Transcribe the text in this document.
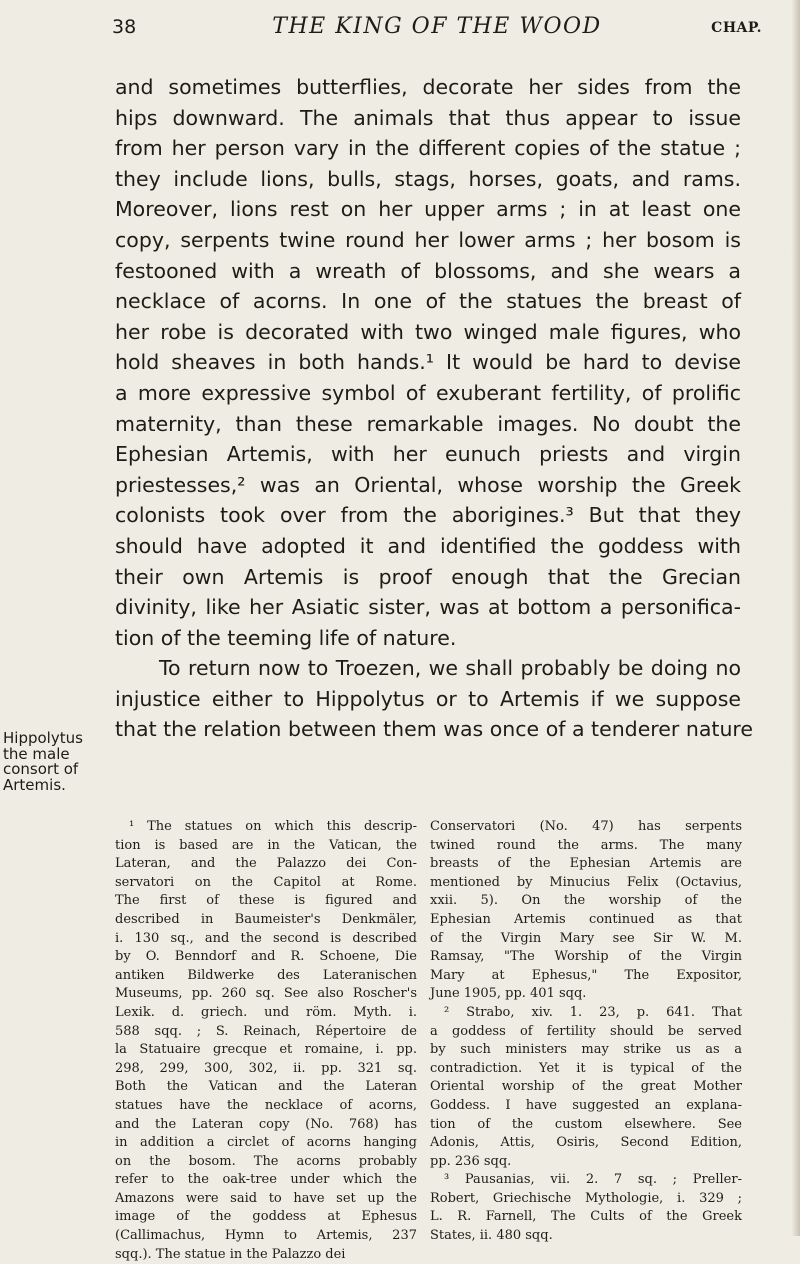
38	THE KING OF THE WOOD	CHAP.
and sometimes butterflies, decorate her sides from the
hips downward. The animals that thus appear to issue
from her person vary in the different copies of the statue ;
they include lions, bulls, stags, horses, goats, and rams.
Moreover, lions rest on her upper arms ; in at least one
copy, serpents twine round her lower arms ; her bosom is
festooned with a wreath of blossoms, and she wears a
necklace of acorns. In one of the statues the breast of
her robe is decorated with two winged male figures, who
hold sheaves in both hands.¹ It would be hard to devise
a more expressive symbol of exuberant fertility, of prolific
maternity, than these remarkable images. No doubt the
Ephesian Artemis, with her eunuch priests and virgin
priestesses,² was an Oriental, whose worship the Greek
colonists took over from the aborigines.³ But that they
should have adopted it and identified the goddess with
their own Artemis is proof enough that the Grecian
divinity, like her Asiatic sister, was at bottom a personifica-
tion of the teeming life of nature.
To return now to Troezen, we shall probably be doing no
injustice either to Hippolytus or to Artemis if we suppose
that the relation between them was once of a tenderer nature
Hippolytus
the male
consort of
Artemis.
¹ The statues on which this descrip-
tion is based are in the Vatican, the
Lateran, and the Palazzo dei Con-
servatori on the Capitol at Rome.
The first of these is figured and
described in Baumeister's Denkmäler,
i. 130 sq., and the second is described
by O. Benndorf and R. Schoene, Die
antiken Bildwerke des Lateranischen
Museums, pp. 260 sq. See also Roscher's
Lexik. d. griech. und röm. Myth. i.
588 sqq. ; S. Reinach, Répertoire de
la Statuaire grecque et romaine, i. pp.
298, 299, 300, 302, ii. pp. 321 sq.
Both the Vatican and the Lateran
statues have the necklace of acorns,
and the Lateran copy (No. 768) has
in addition a circlet of acorns hanging
on the bosom. The acorns probably
refer to the oak-tree under which the
Amazons were said to have set up the
image of the goddess at Ephesus
(Callimachus, Hymn to Artemis, 237
sqq.). The statue in the Palazzo dei
Conservatori (No. 47) has serpents
twined round the arms. The many
breasts of the Ephesian Artemis are
mentioned by Minucius Felix (Octavius,
xxii. 5). On the worship of the
Ephesian Artemis continued as that
of the Virgin Mary see Sir W. M.
Ramsay, "The Worship of the Virgin
Mary at Ephesus," The Expositor,
June 1905, pp. 401 sqq.
² Strabo, xiv. 1. 23, p. 641. That
a goddess of fertility should be served
by such ministers may strike us as a
contradiction. Yet it is typical of the
Oriental worship of the great Mother
Goddess. I have suggested an explana-
tion of the custom elsewhere. See
Adonis, Attis, Osiris, Second Edition,
pp. 236 sqq.
³ Pausanias, vii. 2. 7 sq. ; Preller-
Robert, Griechische Mythologie, i. 329 ;
L. R. Farnell, The Cults of the Greek
States, ii. 480 sqq.
